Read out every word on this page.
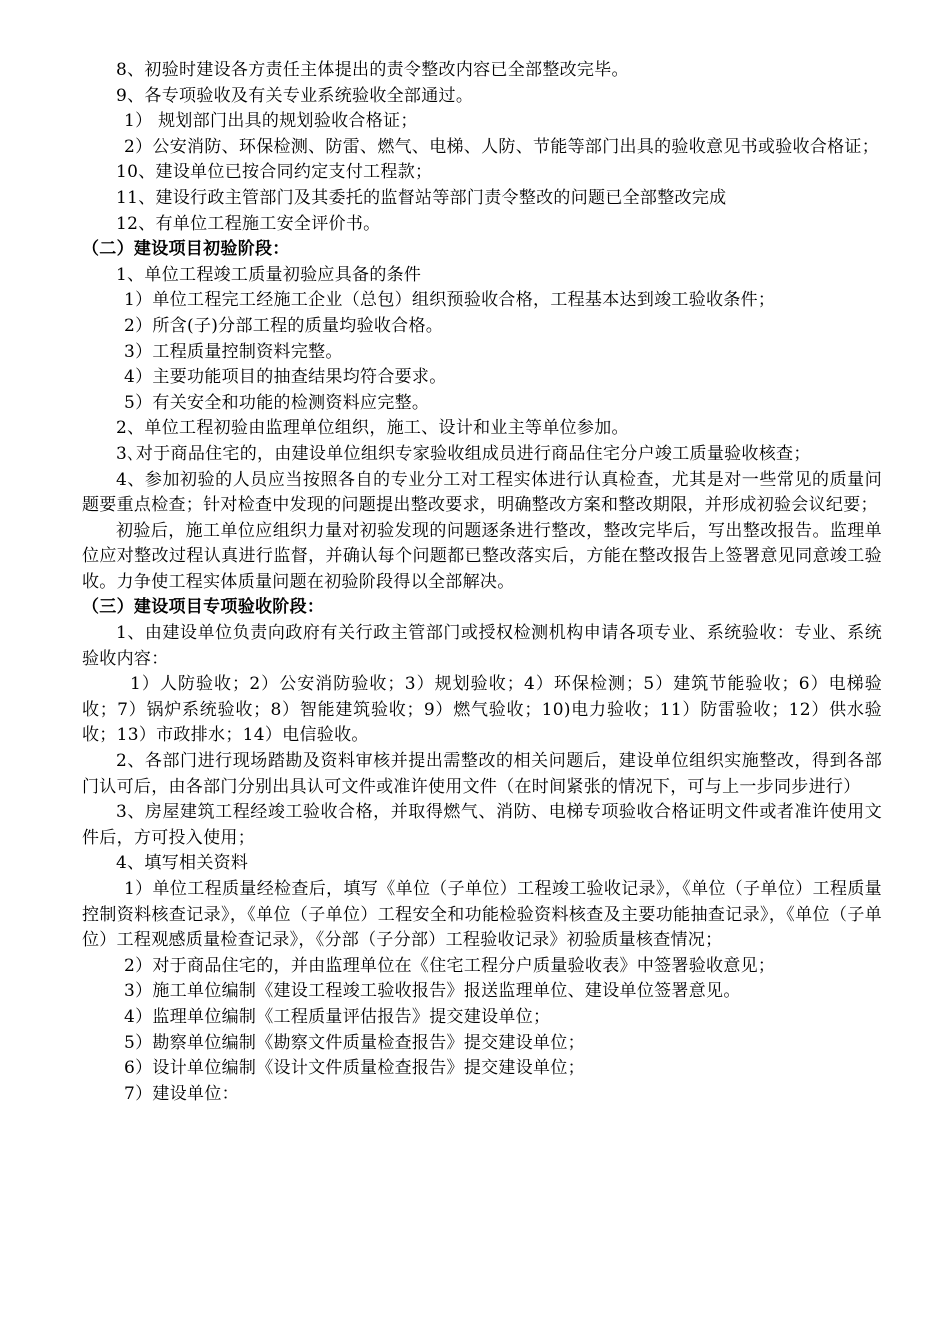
8、初验时建设各方责任主体提出的责令整改内容已全部整改完毕。

9、各专项验收及有关专业系统验收全部通过。

1） 规划部门出具的规划验收合格证；

2）公安消防、环保检测、防雷、燃气、电梯、人防、节能等部门出具的验收意见书或验收合格证；

10、建设单位已按合同约定支付工程款；

11、建设行政主管部门及其委托的监督站等部门责令整改的问题已全部整改完成

12、有单位工程施工安全评价书。

（二）建设项目初验阶段：

1、单位工程竣工质量初验应具备的条件

1）单位工程完工经施工企业（总包）组织预验收合格，工程基本达到竣工验收条件；

2）所含(子)分部工程的质量均验收合格。

3）工程质量控制资料完整。

4）主要功能项目的抽查结果均符合要求。

5）有关安全和功能的检测资料应完整。

2、单位工程初验由监理单位组织，施工、设计和业主等单位参加。

3､对于商品住宅的，由建设单位组织专家验收组成员进行商品住宅分户竣工质量验收核查；

4、参加初验的人员应当按照各自的专业分工对工程实体进行认真检查，尤其是对一些常见的质量问题要重点检查；针对检查中发现的问题提出整改要求，明确整改方案和整改期限，并形成初验会议纪要；

初验后，施工单位应组织力量对初验发现的问题逐条进行整改，整改完毕后，写出整改报告。监理单位应对整改过程认真进行监督，并确认每个问题都已整改落实后，方能在整改报告上签署意见同意竣工验收。力争使工程实体质量问题在初验阶段得以全部解决。

（三）建设项目专项验收阶段：

1、由建设单位负责向政府有关行政主管部门或授权检测机构申请各项专业、系统验收：专业、系统验收内容：

1）人防验收；2）公安消防验收；3）规划验收；4）环保检测；5）建筑节能验收；6）电梯验收；7）锅炉系统验收；8）智能建筑验收；9）燃气验收；10)电力验收；11）防雷验收；12）供水验收；13）市政排水；14）电信验收。

2、各部门进行现场踏勘及资料审核并提出需整改的相关问题后，建设单位组织实施整改，得到各部门认可后，由各部门分别出具认可文件或准许使用文件（在时间紧张的情况下，可与上一步同步进行）

3、房屋建筑工程经竣工验收合格，并取得燃气、消防、电梯专项验收合格证明文件或者准许使用文件后，方可投入使用；

4、填写相关资料

1）单位工程质量经检查后，填写《单位（子单位）工程竣工验收记录》，《单位（子单位）工程质量控制资料核查记录》，《单位（子单位）工程安全和功能检验资料核查及主要功能抽查记录》，《单位（子单位）工程观感质量检查记录》，《分部（子分部）工程验收记录》初验质量核查情况；

2）对于商品住宅的，并由监理单位在《住宅工程分户质量验收表》中签署验收意见；

3）施工单位编制《建设工程竣工验收报告》报送监理单位、建设单位签署意见。

4）监理单位编制《工程质量评估报告》提交建设单位；

5）勘察单位编制《勘察文件质量检查报告》提交建设单位；

6）设计单位编制《设计文件质量检查报告》提交建设单位；

7）建设单位：
